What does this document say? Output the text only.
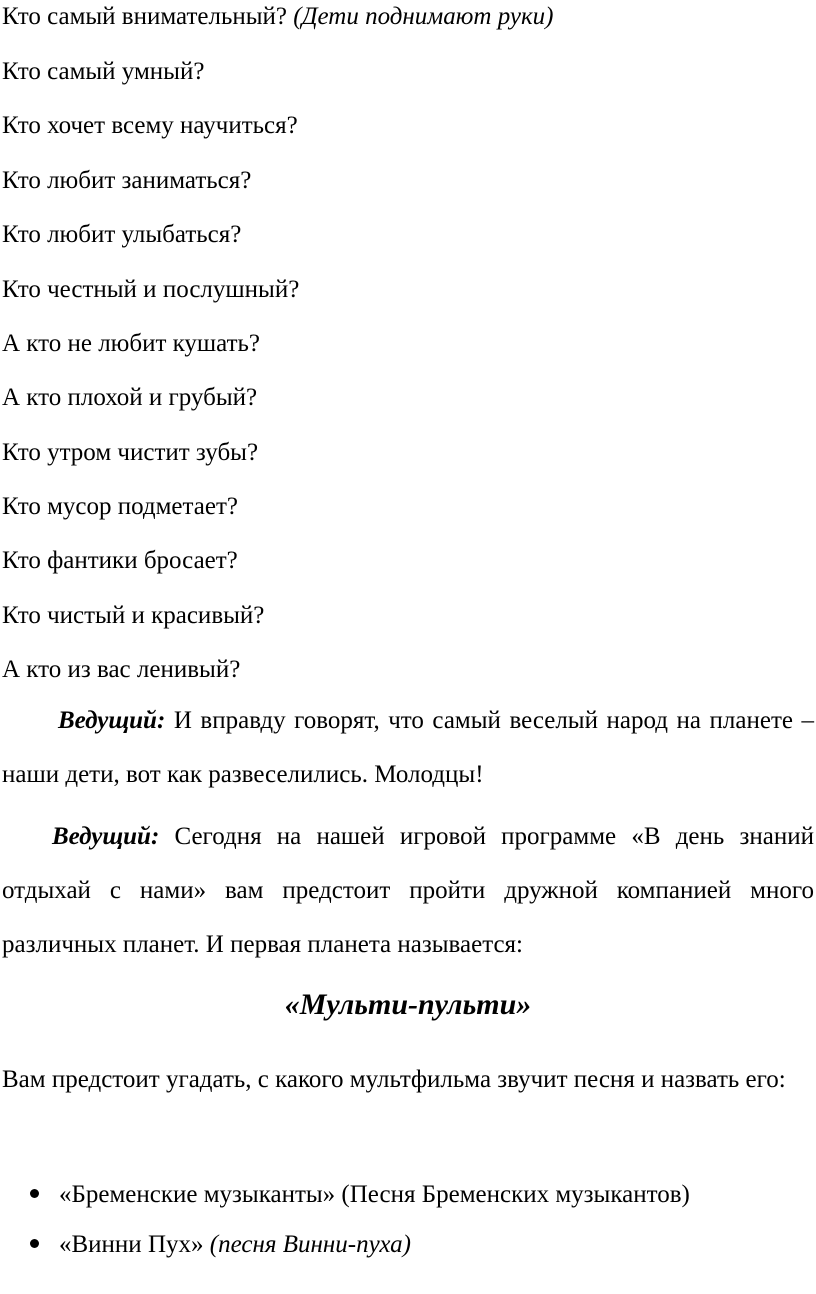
Кто самый внимательный? (Дети поднимают руки)

Кто самый умный?

Кто хочет всему научиться?

Кто любит заниматься?

Кто любит улыбаться?

Кто честный и послушный?

А кто не любит кушать?

А кто плохой и грубый?

Кто утром чистит зубы?

Кто мусор подметает?

Кто фантики бросает?

Кто чистый и красивый?

А кто из вас ленивый?

Ведущий: И вправду говорят, что самый веселый народ на планете – наши дети, вот как развеселились. Молодцы!

Ведущий: Сегодня на нашей игровой программе «В день знаний отдыхай с нами» вам предстоит пройти дружной компанией много различных планет. И первая планета называется:

«Мульти-пульти»

Вам предстоит угадать, с какого мультфильма звучит песня и назвать его:

«Бременские музыканты» (Песня Бременских музыкантов)

«Винни Пух» (песня Винни-пуха)
